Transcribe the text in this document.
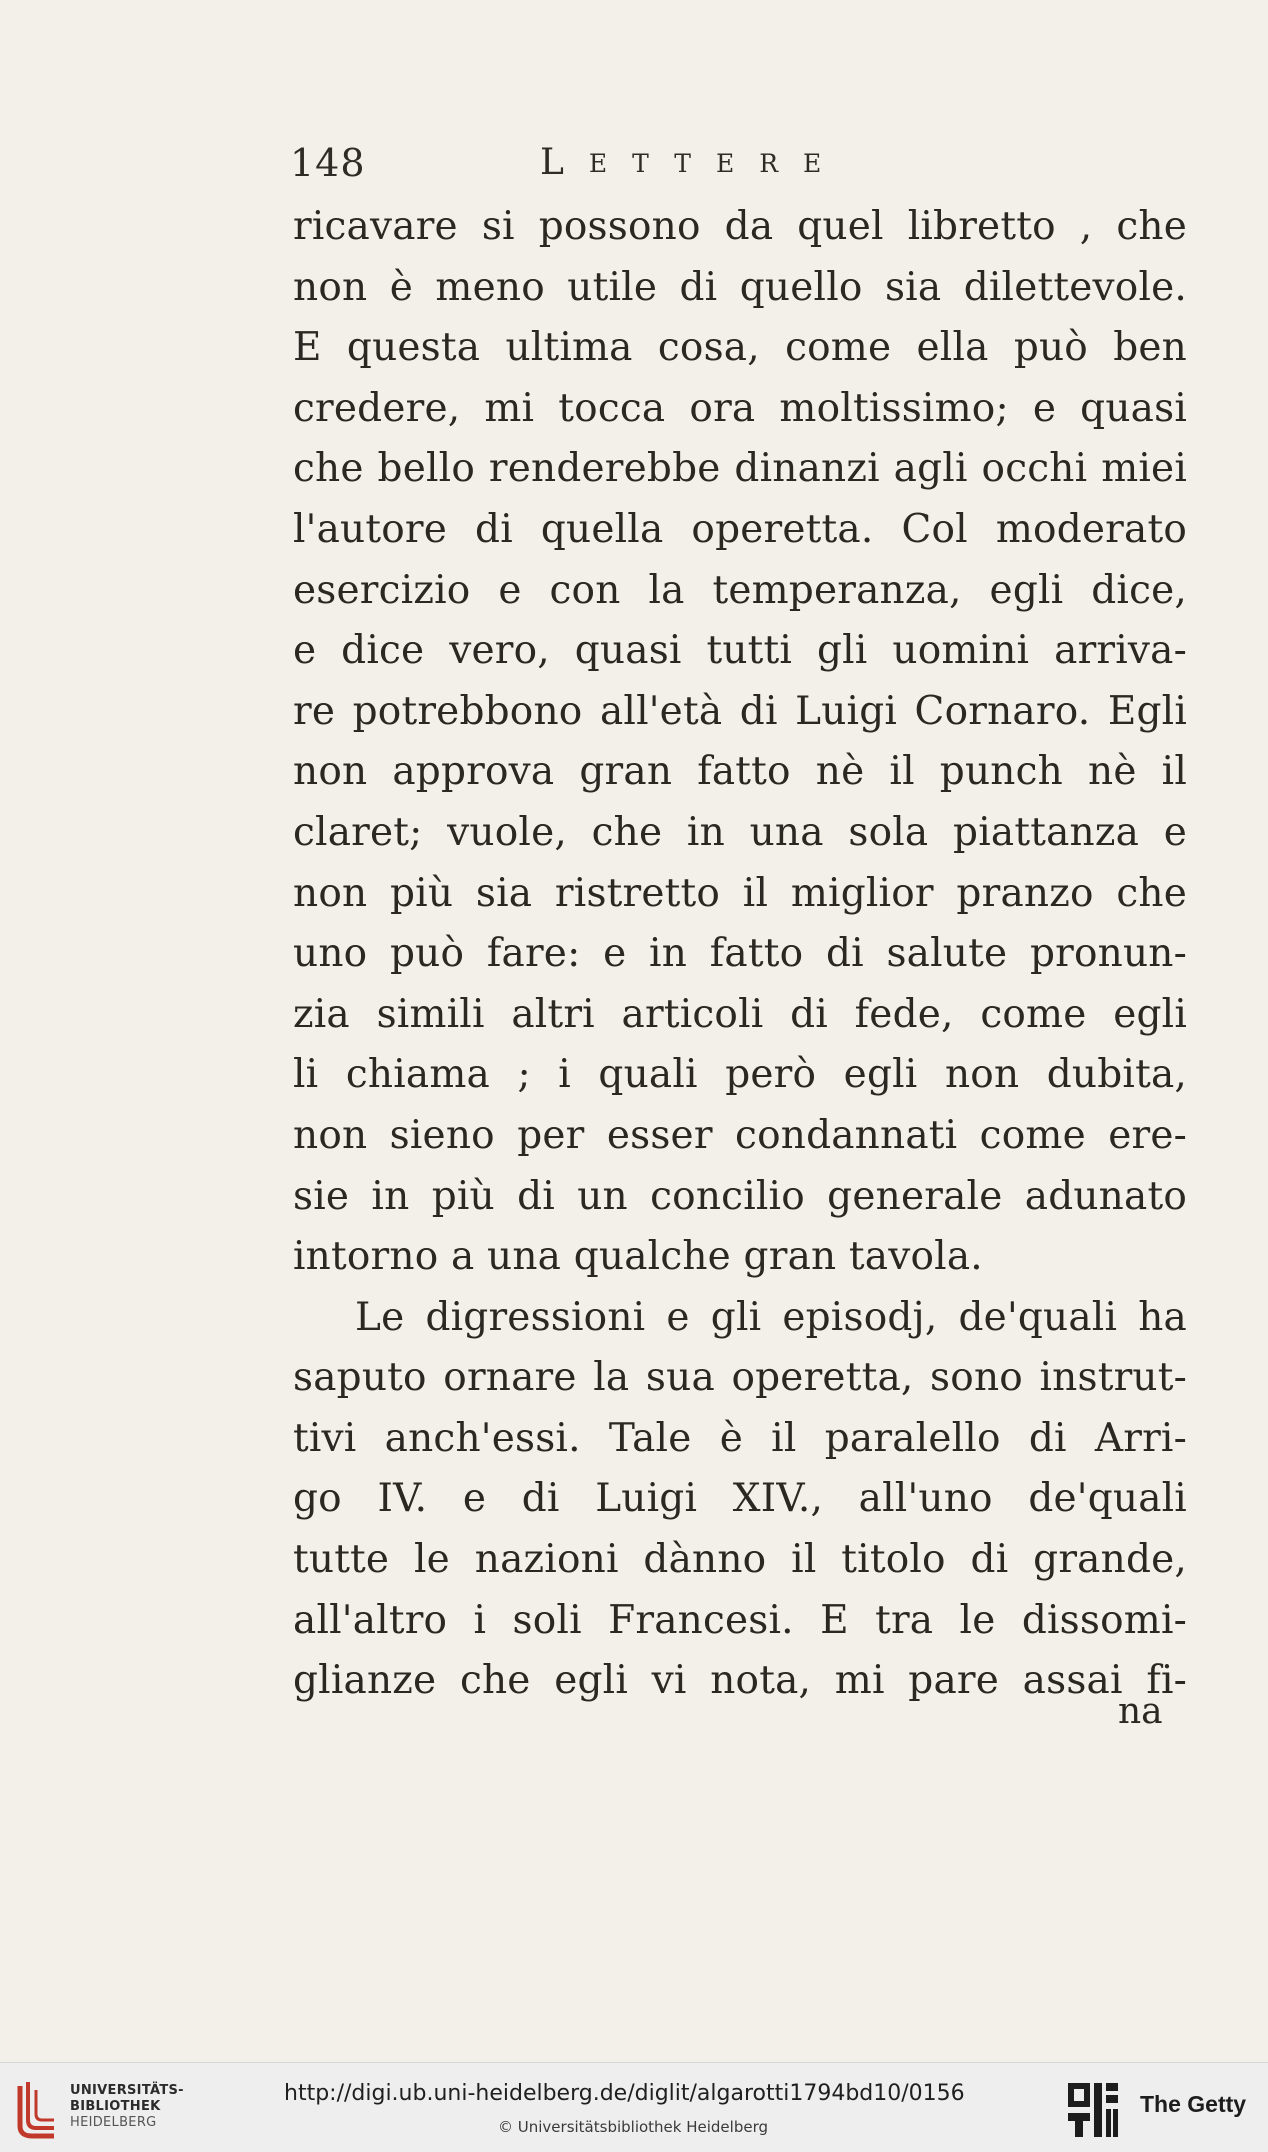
148	LETTERE
ricavare si possono da quel libretto , che
non è meno utile di quello sia dilettevole.
E questa ultima cosa, come ella può ben
credere, mi tocca ora moltissimo; e quasi
che bello renderebbe dinanzi agli occhi miei
l'autore di quella operetta. Col moderato
esercizio e con la temperanza, egli dice,
e dice vero, quasi tutti gli uomini arriva-
re potrebbono all'età di Luigi Cornaro. Egli
non approva gran fatto nè il punch nè il
claret; vuole, che in una sola piattanza e
non più sia ristretto il miglior pranzo che
uno può fare: e in fatto di salute pronun-
zia simili altri articoli di fede, come egli
li chiama ; i quali però egli non dubita,
non sieno per esser condannati come ere-
sie in più di un concilio generale adunato
intorno a una qualche gran tavola.
Le digressioni e gli episodj, de'quali ha
saputo ornare la sua operetta, sono instrut-
tivi anch'essi. Tale è il paralello di Arri-
go IV. e di Luigi XIV., all'uno de'quali
tutte le nazioni dànno il titolo di grande,
all'altro i soli Francesi. E tra le dissomi-
glianze che egli vi nota, mi pare assai fi-
na
UNIVERSITÄTS-
BIBLIOTHEK
HEIDELBERG
http://digi.ub.uni-heidelberg.de/diglit/algarotti1794bd10/0156
© Universitätsbibliothek Heidelberg
The Getty
